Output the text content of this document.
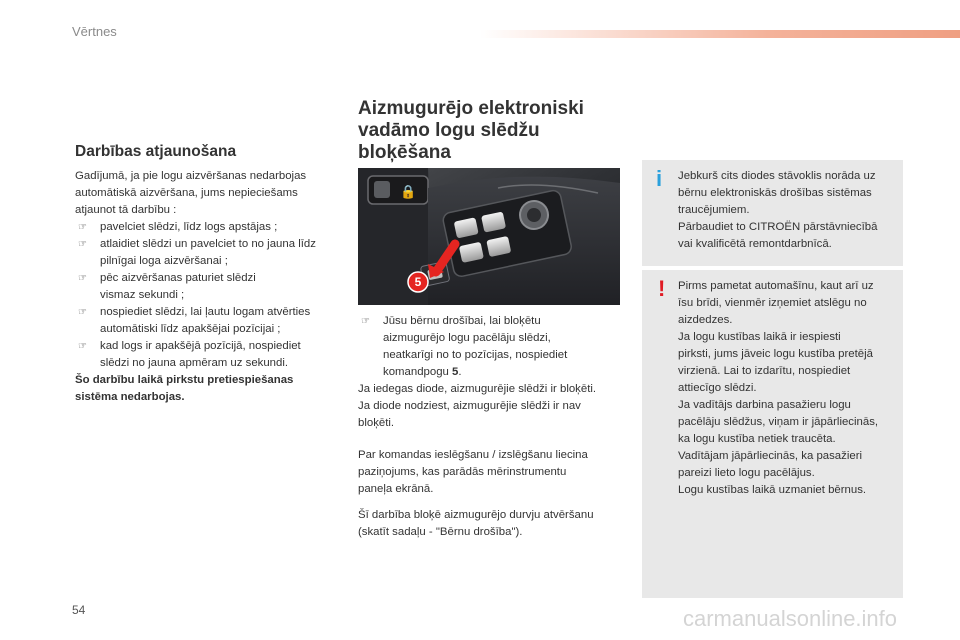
Vērtnes
Darbības atjaunošana

Gadījumā, ja pie logu aizvēršanas nedarbojas

automātiskā aizvēršana, jums nepieciešams

atjaunot tā darbību :

☞ pavelciet slēdzi, līdz logs apstājas ;
☞ atlaidiet slēdzi un pavelciet to no jauna līdz
pilnīgai loga aizvēršanai ;
☞ pēc aizvēršanas paturiet slēdzi
vismaz sekundi ;
☞ nospiediet slēdzi, lai ļautu logam atvērties
automātiski līdz apakšējai pozīcijai ;
☞ kad logs ir apakšējā pozīcijā, nospiediet
slēdzi no jauna apmēram uz sekundi.

Šo darbību laikā pirkstu pretiespiešanas

sistēma nedarbojas.

Aizmugurējo elektroniski
vadāmo logu slēdžu
bloķēšana
🔒
5
☞ Jūsu bērnu drošībai, lai bloķētu
aizmugurējo logu pacēlāju slēdzi,
neatkarīgi no to pozīcijas, nospiediet
komandpogu 5.

Ja iedegas diode, aizmugurējie slēdži ir bloķēti.

Ja diode nodziest, aizmugurējie slēdži ir nav

bloķēti.

Par komandas ieslēgšanu / izslēgšanu liecina

paziņojums, kas parādās mērinstrumentu

paneļa ekrānā.

Šī darbība bloķē aizmugurējo durvju atvēršanu

(skatīt sadaļu - "Bērnu drošība").

i Jebkurš cits diodes stāvoklis norāda uz

bērnu elektroniskās drošības sistēmas

traucējumiem.

Pārbaudiet to CITROËN pārstāvniecībā

vai kvalificētā remontdarbnīcā.

! Pirms pametat automašīnu, kaut arī uz

īsu brīdi, vienmēr izņemiet atslēgu no

aizdedzes.

Ja logu kustības laikā ir iespiesti

pirksti, jums jāveic logu kustība pretējā

virzienā. Lai to izdarītu, nospiediet

attiecīgo slēdzi.

Ja vadītājs darbina pasažieru logu

pacēlāju slēdžus, viņam ir jāpārliecinās,

ka logu kustība netiek traucēta.

Vadītājam jāpārliecinās, ka pasažieri

pareizi lieto logu pacēlājus.

Logu kustības laikā uzmaniet bērnus.

54	carmanualsonline.info
